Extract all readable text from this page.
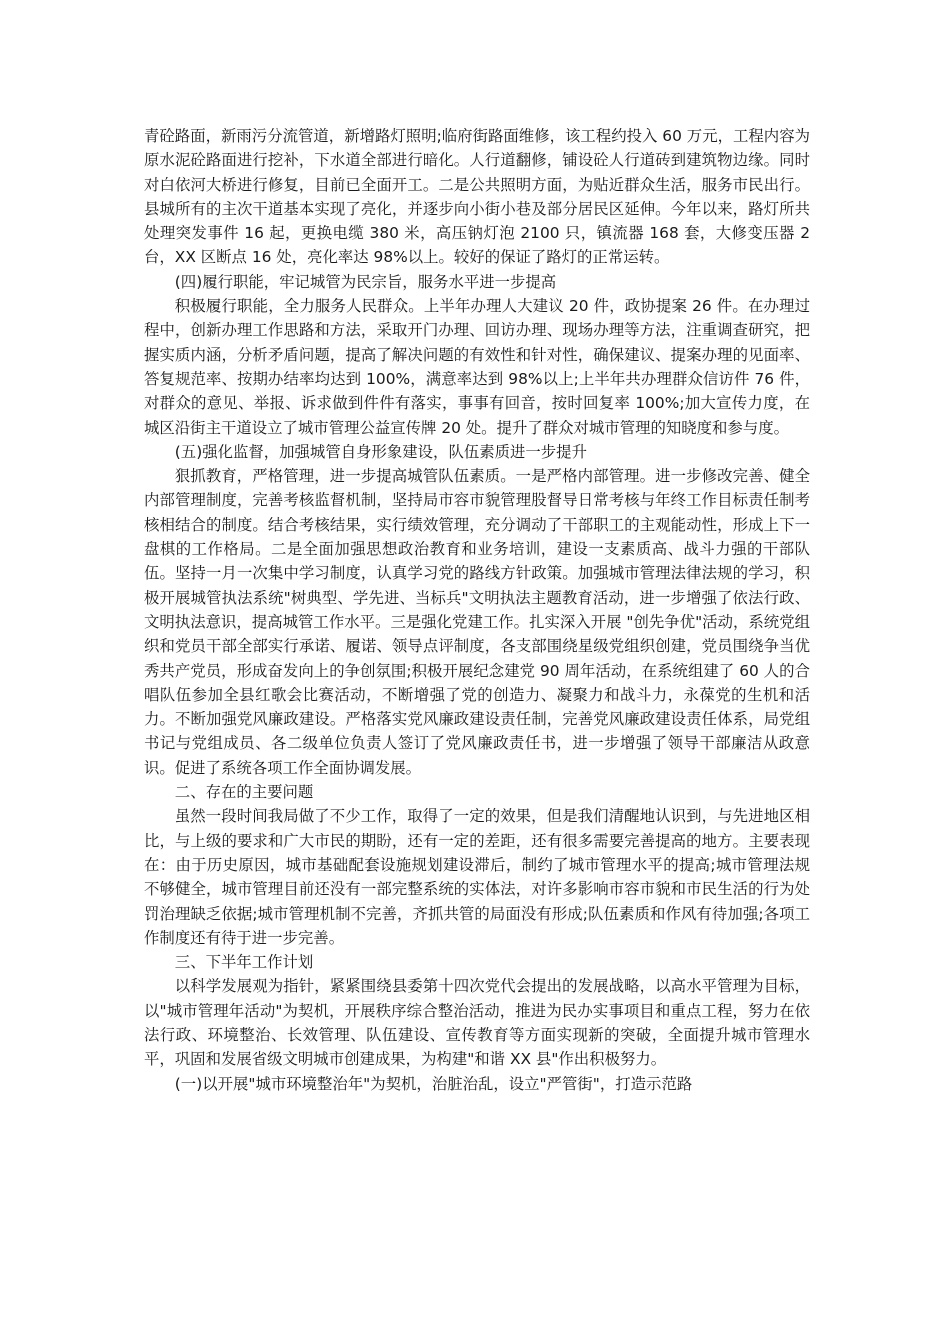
青砼路面，新雨污分流管道，新增路灯照明;临府街路面维修，该工程约投入 60 万元，工程内容为原水泥砼路面进行挖补，下水道全部进行暗化。人行道翻修，铺设砼人行道砖到建筑物边缘。同时对白依河大桥进行修复，目前已全面开工。二是公共照明方面，为贴近群众生活，服务市民出行。县城所有的主次干道基本实现了亮化，并逐步向小街小巷及部分居民区延伸。今年以来，路灯所共处理突发事件 16 起，更换电缆 380 米，高压钠灯泡 2100 只，镇流器 168 套，大修变压器 2 台，XX 区断点 16 处，亮化率达 98%以上。较好的保证了路灯的正常运转。

(四)履行职能，牢记城管为民宗旨，服务水平进一步提高

积极履行职能，全力服务人民群众。上半年办理人大建议 20 件，政协提案 26 件。在办理过程中，创新办理工作思路和方法，采取开门办理、回访办理、现场办理等方法，注重调查研究，把握实质内涵，分析矛盾问题，提高了解决问题的有效性和针对性，确保建议、提案办理的见面率、答复规范率、按期办结率均达到 100%，满意率达到 98%以上;上半年共办理群众信访件 76 件，对群众的意见、举报、诉求做到件件有落实，事事有回音，按时回复率 100%;加大宣传力度，在城区沿街主干道设立了城市管理公益宣传牌 20 处。提升了群众对城市管理的知晓度和参与度。

(五)强化监督，加强城管自身形象建设，队伍素质进一步提升

狠抓教育，严格管理，进一步提高城管队伍素质。一是严格内部管理。进一步修改完善、健全内部管理制度，完善考核监督机制，坚持局市容市貌管理股督导日常考核与年终工作目标责任制考核相结合的制度。结合考核结果，实行绩效管理，充分调动了干部职工的主观能动性，形成上下一盘棋的工作格局。二是全面加强思想政治教育和业务培训，建设一支素质高、战斗力强的干部队伍。坚持一月一次集中学习制度，认真学习党的路线方针政策。加强城市管理法律法规的学习，积极开展城管执法系统"树典型、学先进、当标兵"文明执法主题教育活动，进一步增强了依法行政、文明执法意识，提高城管工作水平。三是强化党建工作。扎实深入开展 "创先争优"活动，系统党组织和党员干部全部实行承诺、履诺、领导点评制度，各支部围绕星级党组织创建，党员围绕争当优秀共产党员，形成奋发向上的争创氛围;积极开展纪念建党 90 周年活动，在系统组建了 60 人的合唱队伍参加全县红歌会比赛活动，不断增强了党的创造力、凝聚力和战斗力，永葆党的生机和活力。不断加强党风廉政建设。严格落实党风廉政建设责任制，完善党风廉政建设责任体系，局党组书记与党组成员、各二级单位负责人签订了党风廉政责任书，进一步增强了领导干部廉洁从政意识。促进了系统各项工作全面协调发展。

二、存在的主要问题

虽然一段时间我局做了不少工作，取得了一定的效果，但是我们清醒地认识到，与先进地区相比，与上级的要求和广大市民的期盼，还有一定的差距，还有很多需要完善提高的地方。主要表现在：由于历史原因，城市基础配套设施规划建设滞后，制约了城市管理水平的提高;城市管理法规不够健全，城市管理目前还没有一部完整系统的实体法，对许多影响市容市貌和市民生活的行为处罚治理缺乏依据;城市管理机制不完善，齐抓共管的局面没有形成;队伍素质和作风有待加强;各项工作制度还有待于进一步完善。

三、下半年工作计划

以科学发展观为指针，紧紧围绕县委第十四次党代会提出的发展战略，以高水平管理为目标，以"城市管理年活动"为契机，开展秩序综合整治活动，推进为民办实事项目和重点工程，努力在依法行政、环境整治、长效管理、队伍建设、宣传教育等方面实现新的突破，全面提升城市管理水平，巩固和发展省级文明城市创建成果，为构建"和谐 XX 县"作出积极努力。

(一)以开展"城市环境整治年"为契机，治脏治乱，设立"严管街"，打造示范路
